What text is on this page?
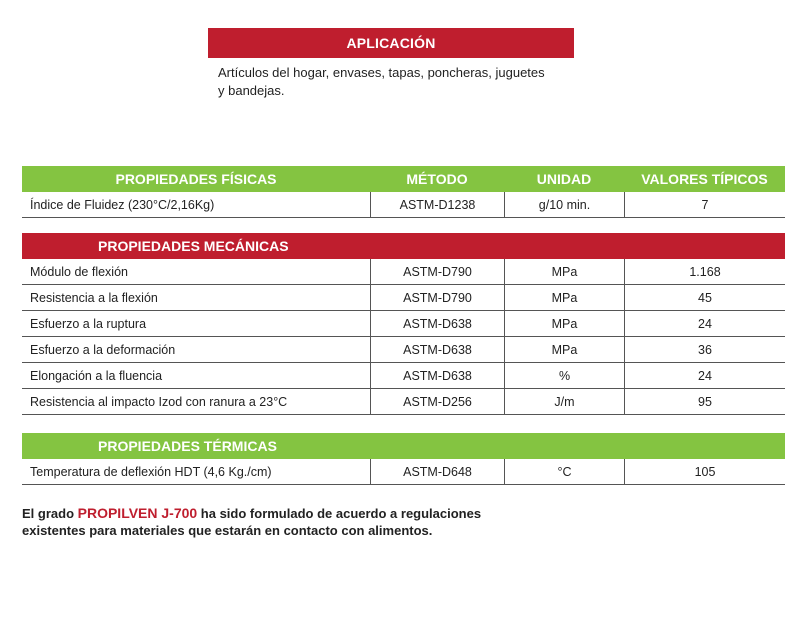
APLICACIÓN
Artículos del hogar, envases, tapas, poncheras, juguetes
y bandejas.
PROPIEDADES FÍSICAS	MÉTODO	UNIDAD	VALORES TÍPICOS
Índice de Fluidez (230°C/2,16Kg)	ASTM-D1238	g/10 min.	7
PROPIEDADES MECÁNICAS
Módulo de flexión	ASTM-D790	MPa	1.168
Resistencia a la flexión	ASTM-D790	MPa	45
Esfuerzo a la ruptura	ASTM-D638	MPa	24
Esfuerzo a la deformación	ASTM-D638	MPa	36
Elongación a la fluencia	ASTM-D638	%	24
Resistencia al impacto Izod con ranura a 23°C	ASTM-D256	J/m	95
PROPIEDADES TÉRMICAS
Temperatura de deflexión HDT (4,6 Kg./cm)	ASTM-D648	°C	105
El grado PROPILVEN J-700 ha sido formulado de acuerdo a regulaciones
existentes para materiales que estarán en contacto con alimentos.
